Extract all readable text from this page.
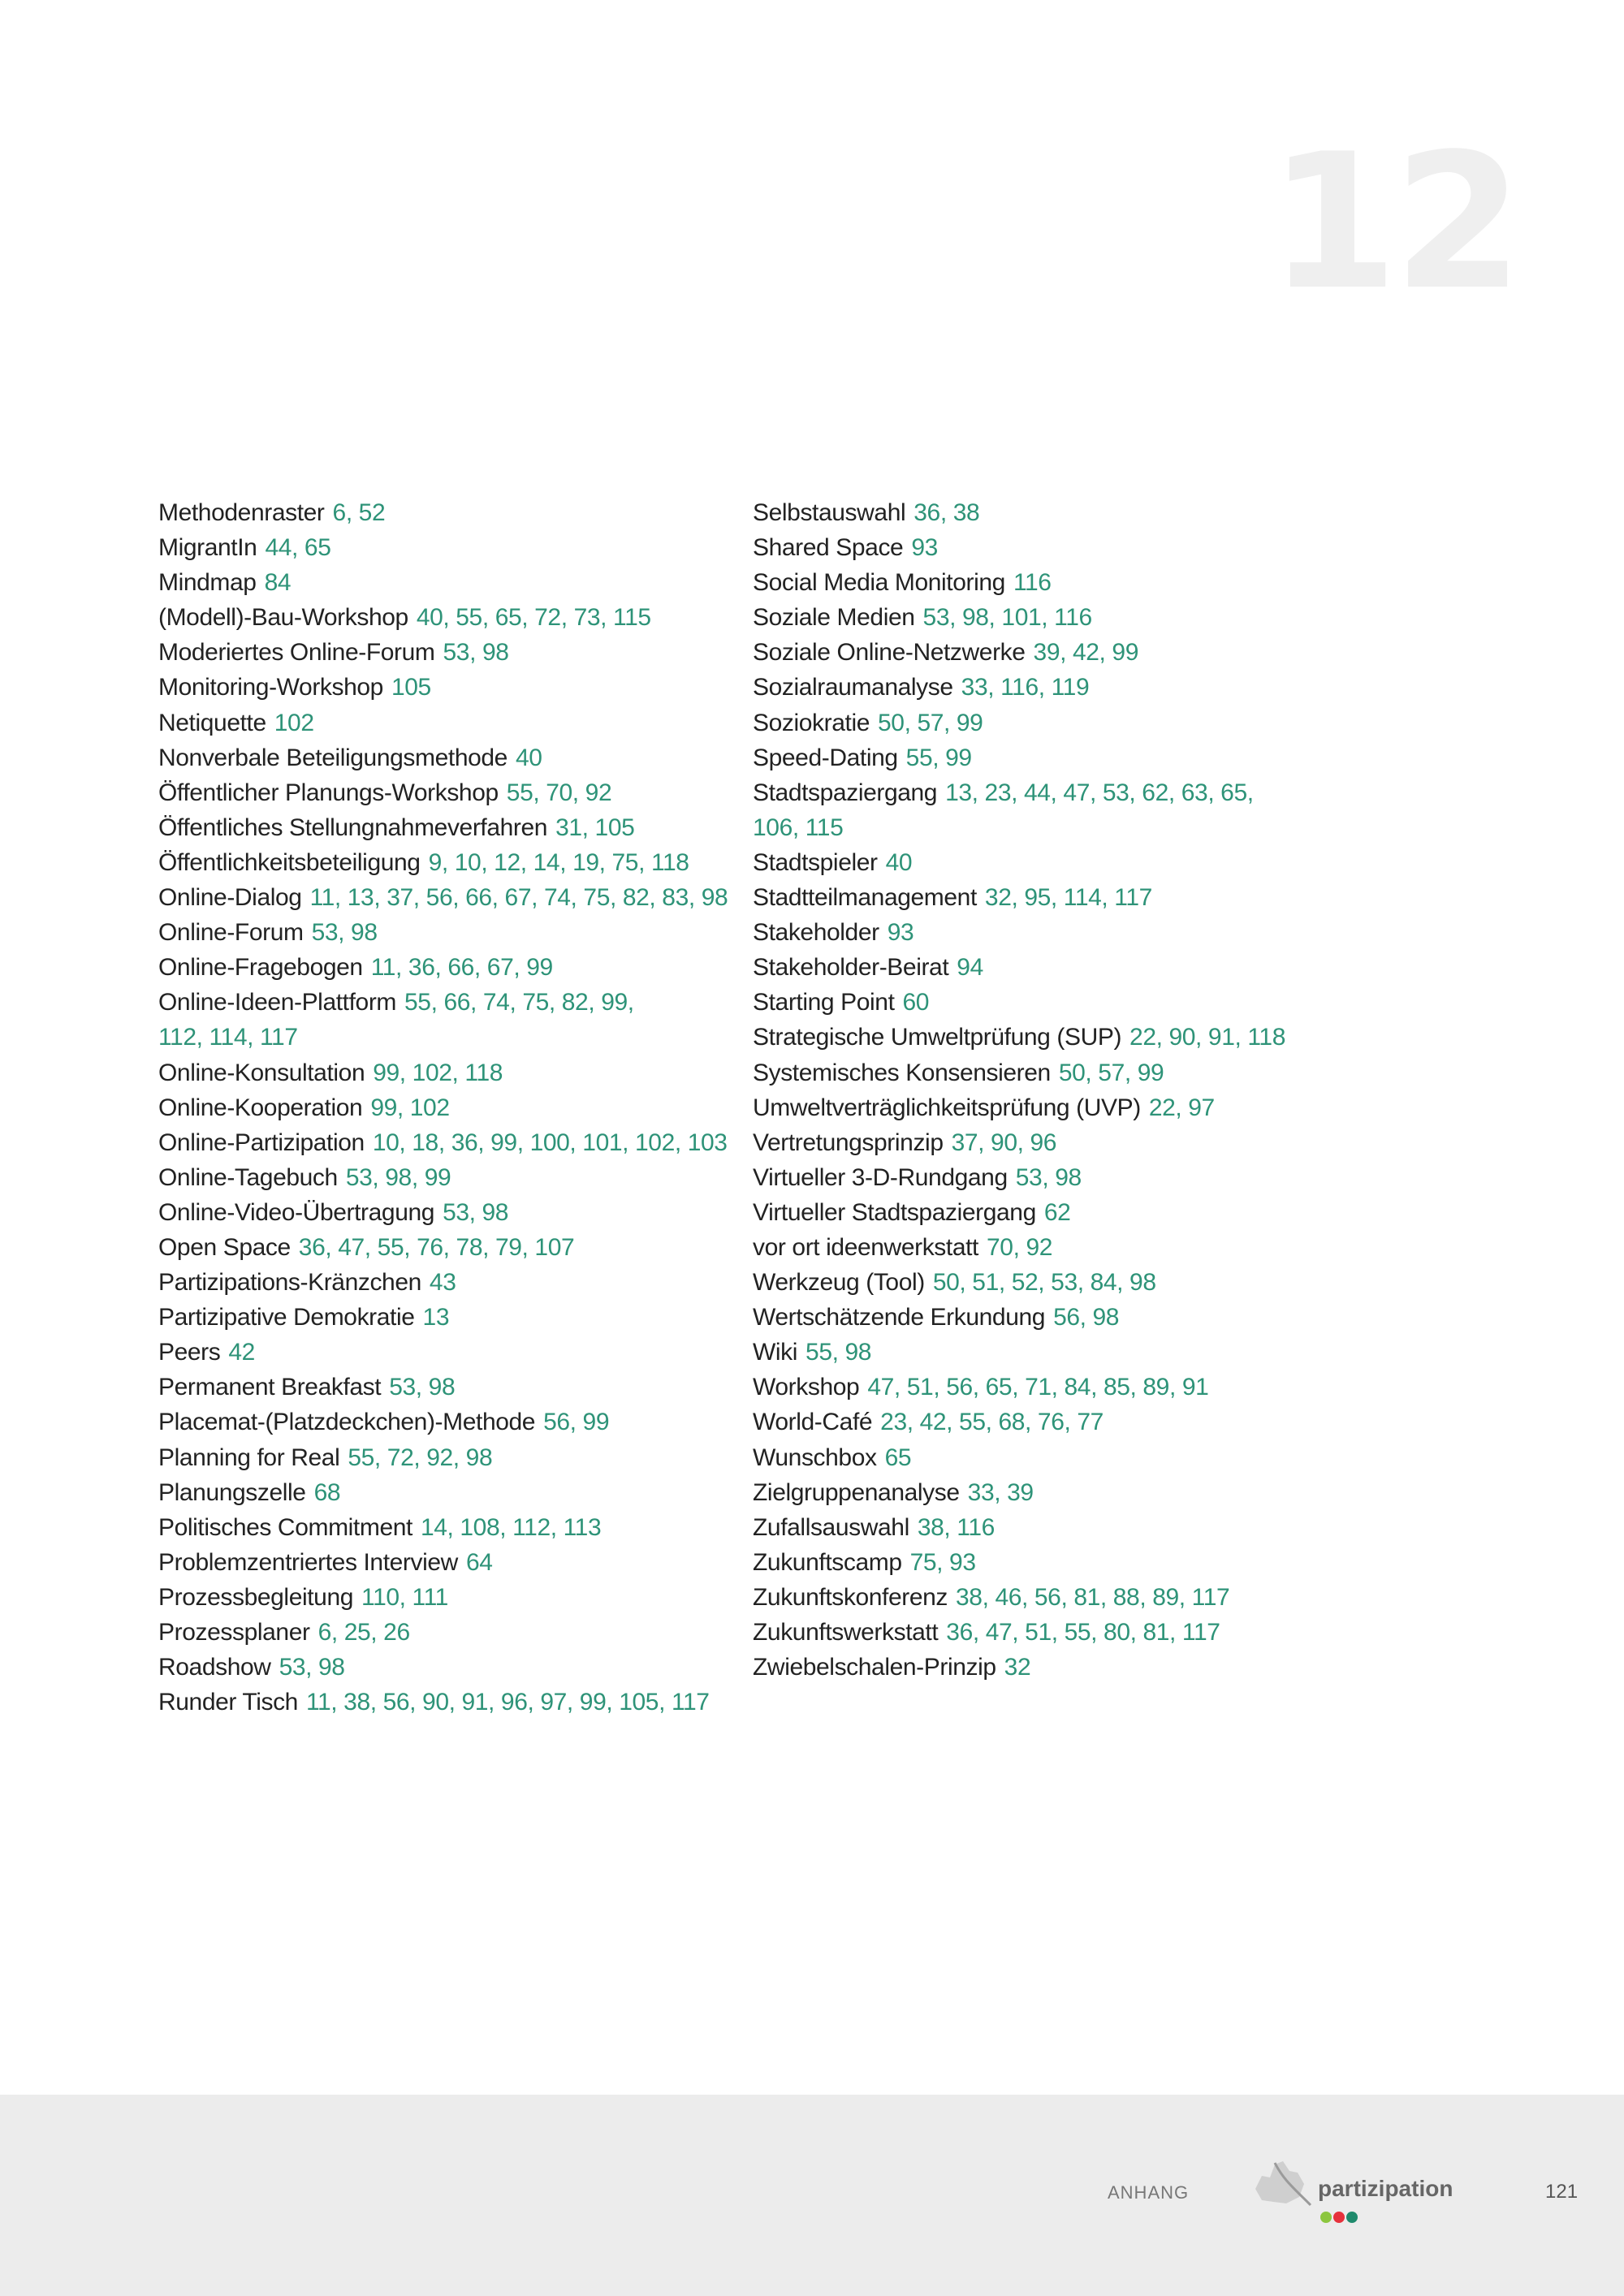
12
Methodenraster 6, 52
MigrantIn 44, 65
Mindmap 84
(Modell)-Bau-Workshop 40, 55, 65, 72, 73, 115
Moderiertes Online-Forum 53, 98
Monitoring-Workshop 105
Netiquette 102
Nonverbale Beteiligungsmethode 40
Öffentlicher Planungs-Workshop 55, 70, 92
Öffentliches Stellungnahmeverfahren 31, 105
Öffentlichkeitsbeteiligung 9, 10, 12, 14, 19, 75, 118
Online-Dialog 11, 13, 37, 56, 66, 67, 74, 75, 82, 83, 98
Online-Forum 53, 98
Online-Fragebogen 11, 36, 66, 67, 99
Online-Ideen-Plattform 55, 66, 74, 75, 82, 99,
112, 114, 117
Online-Konsultation 99, 102, 118
Online-Kooperation 99, 102
Online-Partizipation 10, 18, 36, 99, 100, 101, 102, 103
Online-Tagebuch 53, 98, 99
Online-Video-Übertragung 53, 98
Open Space 36, 47, 55, 76, 78, 79, 107
Partizipations-Kränzchen 43
Partizipative Demokratie 13
Peers 42
Permanent Breakfast 53, 98
Placemat-(Platzdeckchen)-Methode 56, 99
Planning for Real 55, 72, 92, 98
Planungszelle 68
Politisches Commitment 14, 108, 112, 113
Problemzentriertes Interview 64
Prozessbegleitung 110, 111
Prozessplaner 6, 25, 26
Roadshow 53, 98
Runder Tisch 11, 38, 56, 90, 91, 96, 97, 99, 105, 117
Selbstauswahl 36, 38
Shared Space 93
Social Media Monitoring 116
Soziale Medien 53, 98, 101, 116
Soziale Online-Netzwerke 39, 42, 99
Sozialraumanalyse 33, 116, 119
Soziokratie 50, 57, 99
Speed-Dating 55, 99
Stadtspaziergang 13, 23, 44, 47, 53, 62, 63, 65,
106, 115
Stadtspieler 40
Stadtteilmanagement 32, 95, 114, 117
Stakeholder 93
Stakeholder-Beirat 94
Starting Point 60
Strategische Umweltprüfung (SUP) 22, 90, 91, 118
Systemisches Konsensieren 50, 57, 99
Umweltverträglichkeitsprüfung (UVP) 22, 97
Vertretungsprinzip 37, 90, 96
Virtueller 3-D-Rundgang 53, 98
Virtueller Stadtspaziergang 62
vor ort ideenwerkstatt 70, 92
Werkzeug (Tool) 50, 51, 52, 53, 84, 98
Wertschätzende Erkundung 56, 98
Wiki 55, 98
Workshop 47, 51, 56, 65, 71, 84, 85, 89, 91
World-Café 23, 42, 55, 68, 76, 77
Wunschbox 65
Zielgruppenanalyse 33, 39
Zufallsauswahl 38, 116
Zukunftscamp 75, 93
Zukunftskonferenz 38, 46, 56, 81, 88, 89, 117
Zukunftswerkstatt 36, 47, 51, 55, 80, 81, 117
Zwiebelschalen-Prinzip 32
ANHANG	partizipation	121
